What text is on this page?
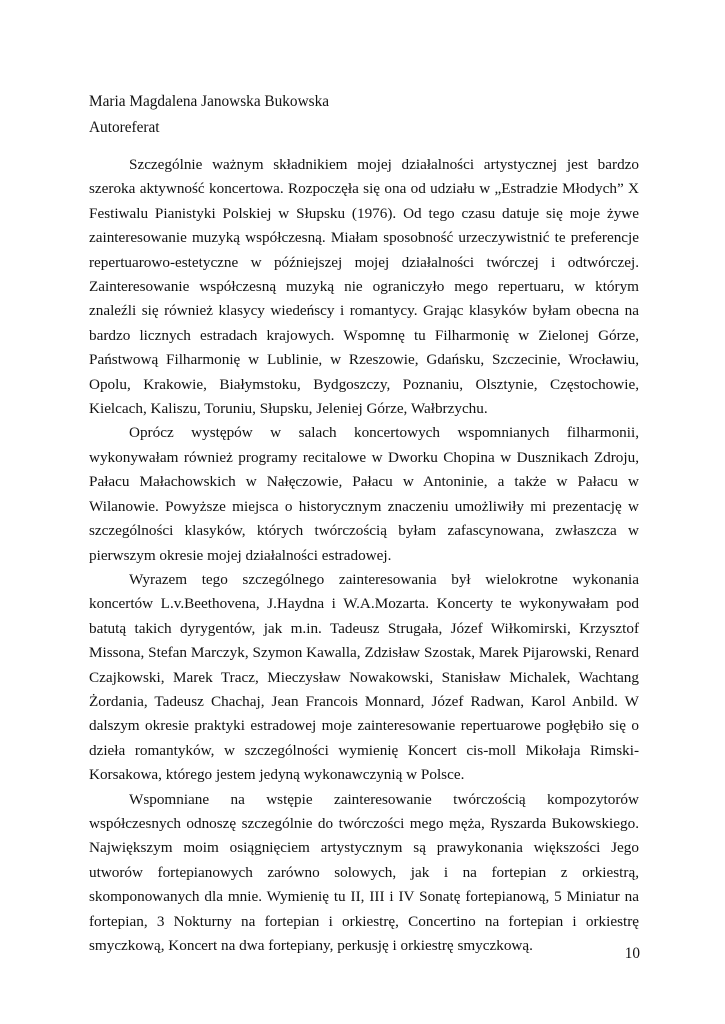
Maria Magdalena Janowska Bukowska

Autoreferat

Szczególnie ważnym składnikiem mojej działalności artystycznej jest bardzo szeroka aktywność koncertowa. Rozpoczęła się ona od udziału w „Estradzie Młodych” X Festiwalu Pianistyki Polskiej w Słupsku (1976). Od tego czasu datuje się moje żywe zainteresowanie muzyką współczesną. Miałam sposobność urzeczywistnić te preferencje repertuarowo-estetyczne w późniejszej mojej działalności twórczej i odtwórczej. Zainteresowanie współczesną muzyką nie ograniczyło mego repertuaru, w którym znaleźli się również klasycy wiedeńscy i romantycy. Grając klasyków byłam obecna na bardzo licznych estradach krajowych. Wspomnę tu Filharmonię w Zielonej Górze, Państwową Filharmonię w Lublinie, w Rzeszowie, Gdańsku, Szczecinie, Wrocławiu, Opolu, Krakowie, Białymstoku, Bydgoszczy, Poznaniu, Olsztynie, Częstochowie, Kielcach, Kaliszu, Toruniu, Słupsku, Jeleniej Górze, Wałbrzychu.

Oprócz występów w salach koncertowych wspomnianych filharmonii, wykonywałam również programy recitalowe w Dworku Chopina w Dusznikach Zdroju, Pałacu Małachowskich w Nałęczowie, Pałacu w Antoninie, a także w Pałacu w Wilanowie. Powyższe miejsca o historycznym znaczeniu umożliwiły mi prezentację w szczególności klasyków, których twórczością byłam zafascynowana, zwłaszcza w pierwszym okresie mojej działalności estradowej.

Wyrazem tego szczególnego zainteresowania był wielokrotne wykonania koncertów L.v.Beethovena, J.Haydna i W.A.Mozarta. Koncerty te wykonywałam pod batutą takich dyrygentów, jak m.in. Tadeusz Strugała, Józef Wiłkomirski, Krzysztof Missona, Stefan Marczyk, Szymon Kawalla, Zdzisław Szostak, Marek Pijarowski, Renard Czajkowski, Marek Tracz, Mieczysław Nowakowski, Stanisław Michalek, Wachtang Żordania, Tadeusz Chachaj, Jean Francois Monnard, Józef Radwan, Karol Anbild. W dalszym okresie praktyki estradowej moje zainteresowanie repertuarowe pogłębiło się o dzieła romantyków, w szczególności wymienię Koncert cis-moll Mikołaja Rimski-Korsakowa, którego jestem jedyną wykonawczynią w Polsce.

Wspomniane na wstępie zainteresowanie twórczością kompozytorów współczesnych odnoszę szczególnie do twórczości mego męża, Ryszarda Bukowskiego. Największym moim osiągnięciem artystycznym są prawykonania większości Jego utworów fortepianowych zarówno solowych, jak i na fortepian z orkiestrą, skomponowanych dla mnie. Wymienię tu II, III i IV Sonatę fortepianową, 5 Miniatur na fortepian, 3 Nokturny na fortepian i orkiestrę, Concertino na fortepian i orkiestrę smyczkową, Koncert na dwa fortepiany, perkusję i orkiestrę smyczkową.	10
